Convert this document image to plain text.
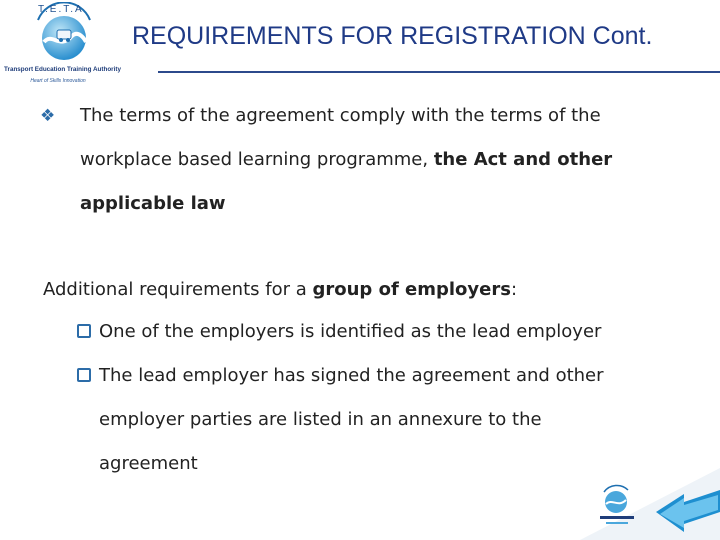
T.E.T.A
Transport Education Training Authority
Heart of Skills Innovation
REQUIREMENTS FOR REGISTRATION Cont.
❖	The terms of the agreement comply with the terms of the
workplace based learning programme, the Act and other
applicable law
Additional requirements for a group of employers:
One of the employers is identified as the lead employer
The lead employer has signed the agreement and other
employer parties are listed in an annexure to the
agreement
